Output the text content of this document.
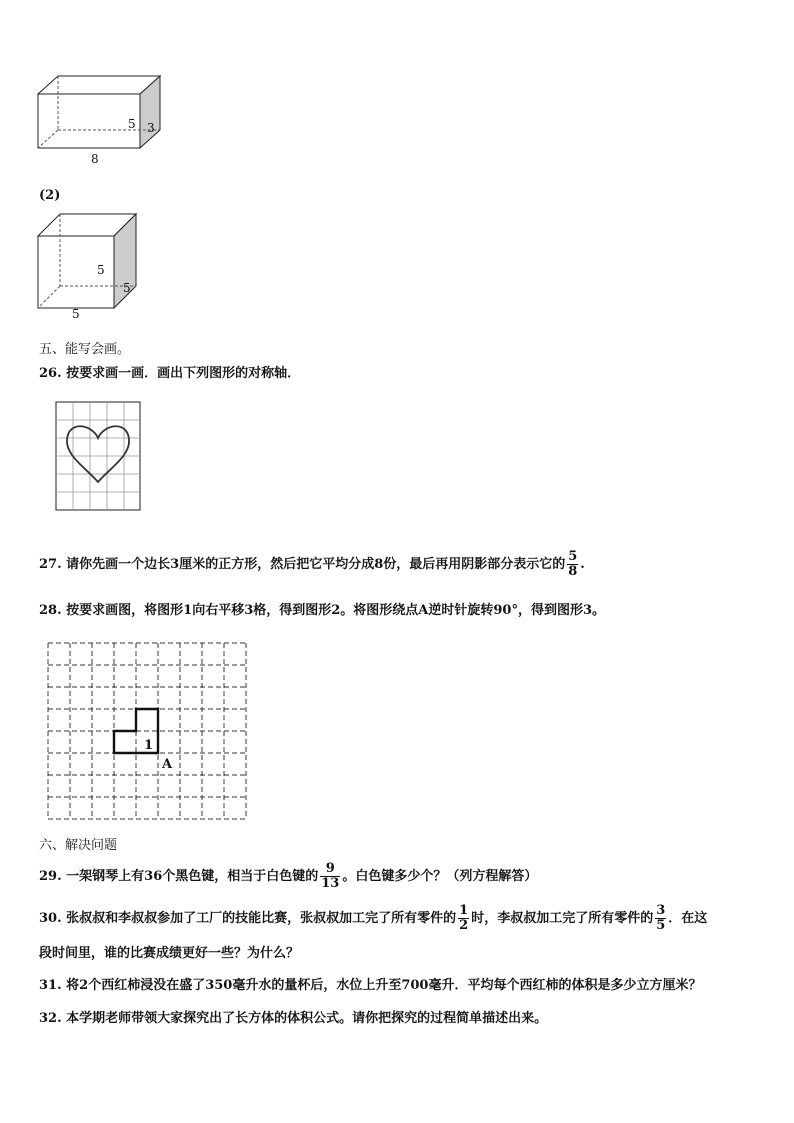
5 3
8
(2)
5
5
5
五、能写会画。
26. 按要求画一画．画出下列图形的对称轴．
27. 请你先画一个边长3厘米的正方形，然后把它平均分成8份，最后再用阴影部分表示它的 $\frac{5}{8}$ .
28. 按要求画图，将图形1向右平移3格，得到图形2。将图形绕点A逆时针旋转90°，得到图形3。
1
A
六、解决问题
29. 一架钢琴上有36个黑色键，相当于白色键的 $\frac{9}{13}$ 。白色键多少个？（列方程解答）
30. 张叔叔和李叔叔参加了工厂的技能比赛，张叔叔加工完了所有零件的 $\frac{1}{2}$ 时，李叔叔加工完了所有零件的 $\frac{3}{5}$ ．在这
段时间里，谁的比赛成绩更好一些？为什么？
31. 将2个西红柿浸没在盛了350毫升水的量杯后，水位上升至700毫升．平均每个西红柿的体积是多少立方厘米？
32. 本学期老师带领大家探究出了长方体的体积公式。请你把探究的过程简单描述出来。
